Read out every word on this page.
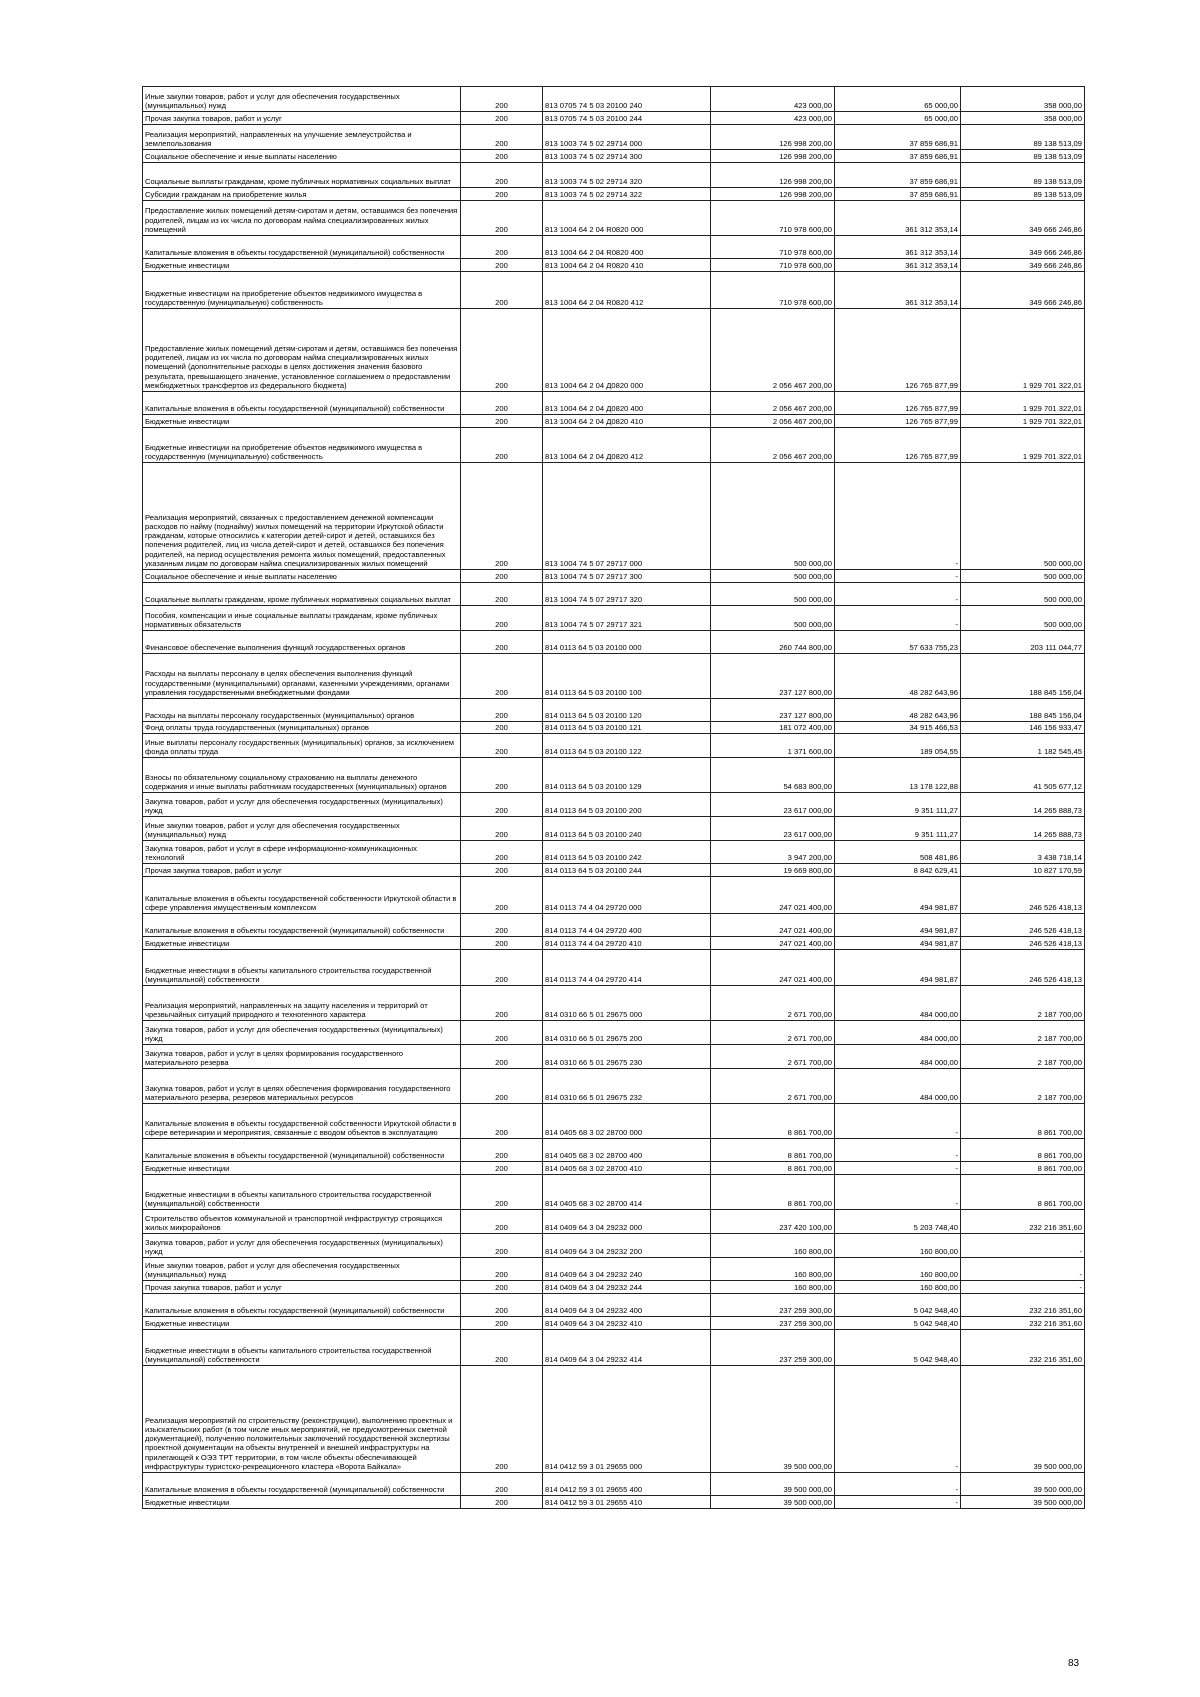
Иные закупки товаров, работ и услуг для обеспечения государственных (муниципальных) нужд	200	813 0705 74 5 03 20100 240	423 000,00	65 000,00	358 000,00
Прочая закупка товаров, работ и услуг	200	813 0705 74 5 03 20100 244	423 000,00	65 000,00	358 000,00
Реализация мероприятий, направленных на улучшение землеустройства и землепользования	200	813 1003 74 5 02 29714 000	126 998 200,00	37 859 686,91	89 138 513,09
Социальное обеспечение и иные выплаты населению	200	813 1003 74 5 02 29714 300	126 998 200,00	37 859 686,91	89 138 513,09
Социальные выплаты гражданам, кроме публичных нормативных социальных выплат	200	813 1003 74 5 02 29714 320	126 998 200,00	37 859 686,91	89 138 513,09
Субсидии гражданам на приобретение жилья	200	813 1003 74 5 02 29714 322	126 998 200,00	37 859 686,91	89 138 513,09
Предоставление жилых помещений детям-сиротам и детям, оставшимся без попечения родителей, лицам из их числа по договорам найма специализированных жилых помещений	200	813 1004 64 2 04 R0820 000	710 978 600,00	361 312 353,14	349 666 246,86
Капитальные вложения в объекты государственной (муниципальной) собственности	200	813 1004 64 2 04 R0820 400	710 978 600,00	361 312 353,14	349 666 246,86
Бюджетные инвестиции	200	813 1004 64 2 04 R0820 410	710 978 600,00	361 312 353,14	349 666 246,86
Бюджетные инвестиции на приобретение объектов недвижимого имущества в государственную (муниципальную) собственность	200	813 1004 64 2 04 R0820 412	710 978 600,00	361 312 353,14	349 666 246,86
Предоставление жилых помещений детям-сиротам и детям, оставшимся без попечения родителей, лицам из их числа по договорам найма специализированных жилых помещений (дополнительные расходы в целях достижения значения базового результата, превышающего значение, установленное соглашением о предоставлении межбюджетных трансфертов из федерального бюджета)	200	813 1004 64 2 04 Д0820 000	2 056 467 200,00	126 765 877,99	1 929 701 322,01
Капитальные вложения в объекты государственной (муниципальной) собственности	200	813 1004 64 2 04 Д0820 400	2 056 467 200,00	126 765 877,99	1 929 701 322,01
Бюджетные инвестиции	200	813 1004 64 2 04 Д0820 410	2 056 467 200,00	126 765 877,99	1 929 701 322,01
Бюджетные инвестиции на приобретение объектов недвижимого имущества в государственную (муниципальную) собственность	200	813 1004 64 2 04 Д0820 412	2 056 467 200,00	126 765 877,99	1 929 701 322,01
Реализация мероприятий, связанных с предоставлением денежной компенсации расходов по найму (поднайму) жилых помещений на территории Иркутской области гражданам, которые относились к категории детей-сирот и детей, оставшихся без попечения родителей, лиц из числа детей-сирот и детей, оставшихся без попечения родителей, на период осуществления ремонта жилых помещений, предоставленных указанным лицам по договорам найма специализированных жилых помещений	200	813 1004 74 5 07 29717 000	500 000,00	-	500 000,00
Социальное обеспечение и иные выплаты населению	200	813 1004 74 5 07 29717 300	500 000,00	-	500 000,00
Социальные выплаты гражданам, кроме публичных нормативных социальных выплат	200	813 1004 74 5 07 29717 320	500 000,00	-	500 000,00
Пособия, компенсации и иные социальные выплаты гражданам, кроме публичных нормативных обязательств	200	813 1004 74 5 07 29717 321	500 000,00	-	500 000,00
Финансовое обеспечение выполнения функций государственных органов	200	814 0113 64 5 03 20100 000	260 744 800,00	57 633 755,23	203 111 044,77
Расходы на выплаты персоналу в целях обеспечения выполнения функций государственными (муниципальными) органами, казенными учреждениями, органами управления государственными внебюджетными фондами	200	814 0113 64 5 03 20100 100	237 127 800,00	48 282 643,96	188 845 156,04
Расходы на выплаты персоналу государственных (муниципальных) органов	200	814 0113 64 5 03 20100 120	237 127 800,00	48 282 643,96	188 845 156,04
Фонд оплаты труда государственных (муниципальных) органов	200	814 0113 64 5 03 20100 121	181 072 400,00	34 915 466,53	146 156 933,47
Иные выплаты персоналу государственных (муниципальных) органов, за исключением фонда оплаты труда	200	814 0113 64 5 03 20100 122	1 371 600,00	189 054,55	1 182 545,45
Взносы по обязательному социальному страхованию на выплаты денежного содержания и иные выплаты работникам государственных (муниципальных) органов	200	814 0113 64 5 03 20100 129	54 683 800,00	13 178 122,88	41 505 677,12
Закупка товаров, работ и услуг для обеспечения государственных (муниципальных) нужд	200	814 0113 64 5 03 20100 200	23 617 000,00	9 351 111,27	14 265 888,73
Иные закупки товаров, работ и услуг для обеспечения государственных (муниципальных) нужд	200	814 0113 64 5 03 20100 240	23 617 000,00	9 351 111,27	14 265 888,73
Закупка товаров, работ и услуг в сфере информационно-коммуникационных технологий	200	814 0113 64 5 03 20100 242	3 947 200,00	508 481,86	3 438 718,14
Прочая закупка товаров, работ и услуг	200	814 0113 64 5 03 20100 244	19 669 800,00	8 842 629,41	10 827 170,59
Капитальные вложения в объекты государственной собственности Иркутской области в сфере управления имущественным комплексом	200	814 0113 74 4 04 29720 000	247 021 400,00	494 981,87	246 526 418,13
Капитальные вложения в объекты государственной (муниципальной) собственности	200	814 0113 74 4 04 29720 400	247 021 400,00	494 981,87	246 526 418,13
Бюджетные инвестиции	200	814 0113 74 4 04 29720 410	247 021 400,00	494 981,87	246 526 418,13
Бюджетные инвестиции в объекты капитального строительства государственной (муниципальной) собственности	200	814 0113 74 4 04 29720 414	247 021 400,00	494 981,87	246 526 418,13
Реализация мероприятий, направленных на защиту населения и территорий от чрезвычайных ситуаций природного и техногенного характера	200	814 0310 66 5 01 29675 000	2 671 700,00	484 000,00	2 187 700,00
Закупка товаров, работ и услуг для обеспечения государственных (муниципальных) нужд	200	814 0310 66 5 01 29675 200	2 671 700,00	484 000,00	2 187 700,00
Закупка товаров, работ и услуг в целях формирования государственного материального резерва	200	814 0310 66 5 01 29675 230	2 671 700,00	484 000,00	2 187 700,00
Закупка товаров, работ и услуг в целях обеспечения формирования государственного материального резерва, резервов материальных ресурсов	200	814 0310 66 5 01 29675 232	2 671 700,00	484 000,00	2 187 700,00
Капитальные вложения в объекты государственной собственности Иркутской области в сфере ветеринарии и мероприятия, связанные с вводом объектов в эксплуатацию	200	814 0405 68 3 02 28700 000	8 861 700,00	-	8 861 700,00
Капитальные вложения в объекты государственной (муниципальной) собственности	200	814 0405 68 3 02 28700 400	8 861 700,00	-	8 861 700,00
Бюджетные инвестиции	200	814 0405 68 3 02 28700 410	8 861 700,00	-	8 861 700,00
Бюджетные инвестиции в объекты капитального строительства государственной (муниципальной) собственности	200	814 0405 68 3 02 28700 414	8 861 700,00	-	8 861 700,00
Строительство объектов коммунальной и транспортной инфраструктур строящихся жилых микрорайонов	200	814 0409 64 3 04 29232 000	237 420 100,00	5 203 748,40	232 216 351,60
Закупка товаров, работ и услуг для обеспечения государственных (муниципальных) нужд	200	814 0409 64 3 04 29232 200	160 800,00	160 800,00	-
Иные закупки товаров, работ и услуг для обеспечения государственных (муниципальных) нужд	200	814 0409 64 3 04 29232 240	160 800,00	160 800,00	-
Прочая закупка товаров, работ и услуг	200	814 0409 64 3 04 29232 244	160 800,00	160 800,00	-
Капитальные вложения в объекты государственной (муниципальной) собственности	200	814 0409 64 3 04 29232 400	237 259 300,00	5 042 948,40	232 216 351,60
Бюджетные инвестиции	200	814 0409 64 3 04 29232 410	237 259 300,00	5 042 948,40	232 216 351,60
Бюджетные инвестиции в объекты капитального строительства государственной (муниципальной) собственности	200	814 0409 64 3 04 29232 414	237 259 300,00	5 042 948,40	232 216 351,60
Реализация мероприятий по строительству (реконструкции), выполнению проектных и изыскательских работ (в том числе иных мероприятий, не предусмотренных сметной документацией), получению положительных заключений государственной экспертизы проектной документации на объекты внутренней и внешней инфраструктуры на прилегающей к ОЭЗ ТРТ территории, в том числе объекты обеспечивающей инфраструктуры туристско-рекреационного кластера «Ворота Байкала»	200	814 0412 59 3 01 29655 000	39 500 000,00	-	39 500 000,00
Капитальные вложения в объекты государственной (муниципальной) собственности	200	814 0412 59 3 01 29655 400	39 500 000,00	-	39 500 000,00
Бюджетные инвестиции	200	814 0412 59 3 01 29655 410	39 500 000,00	-	39 500 000,00
83
